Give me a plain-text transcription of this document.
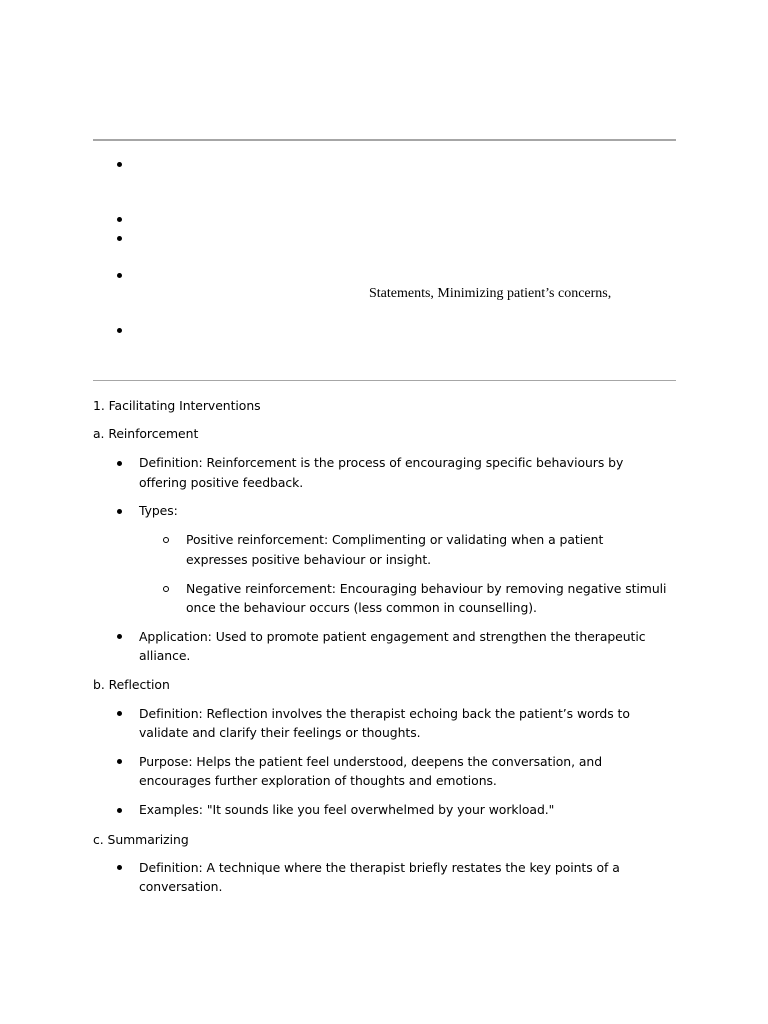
Statements, Minimizing patient’s concerns,
1. Facilitating Interventions
a. Reinforcement
Definition: Reinforcement is the process of encouraging specific behaviours by
offering positive feedback.
Types:
Positive reinforcement: Complimenting or validating when a patient
expresses positive behaviour or insight.
Negative reinforcement: Encouraging behaviour by removing negative stimuli
once the behaviour occurs (less common in counselling).
Application: Used to promote patient engagement and strengthen the therapeutic
alliance.
b. Reflection
Definition: Reflection involves the therapist echoing back the patient’s words to
validate and clarify their feelings or thoughts.
Purpose: Helps the patient feel understood, deepens the conversation, and
encourages further exploration of thoughts and emotions.
Examples: "It sounds like you feel overwhelmed by your workload."
c. Summarizing
Definition: A technique where the therapist briefly restates the key points of a
conversation.
